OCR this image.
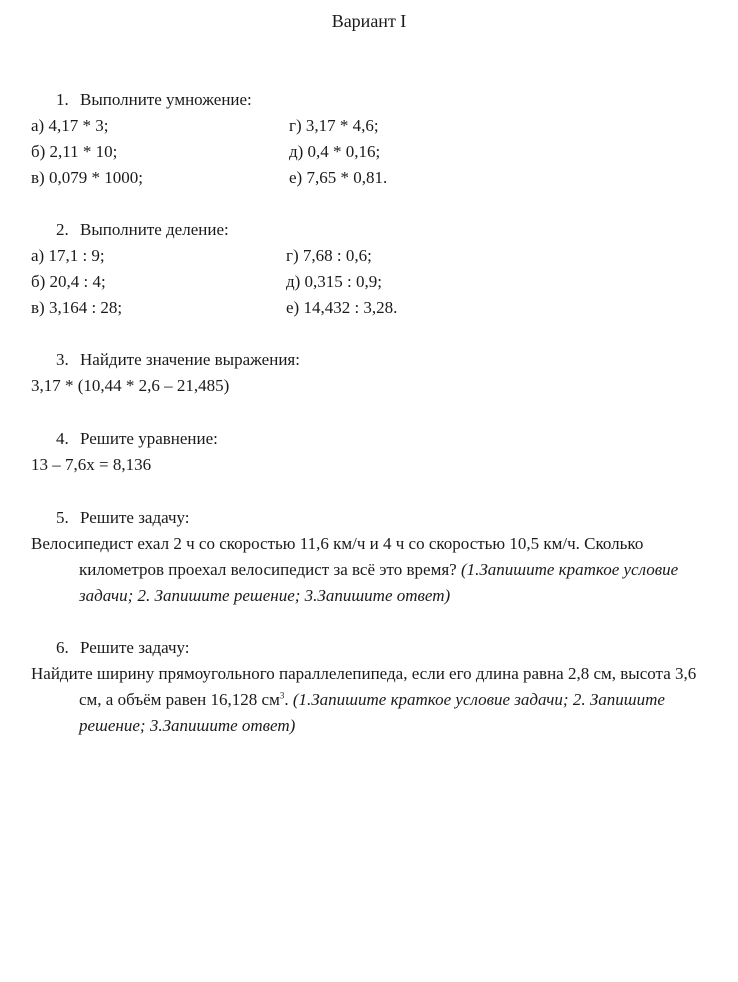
Вариант I
1. Выполните умножение:
а) 4,17 * 3;	г) 3,17 * 4,6;
б) 2,11 * 10;	д) 0,4 * 0,16;
в) 0,079 * 1000;	е) 7,65 * 0,81.
2. Выполните деление:
а) 17,1 : 9;	г) 7,68 : 0,6;
б) 20,4 : 4;	д) 0,315 : 0,9;
в) 3,164 : 28;	е) 14,432 : 3,28.
3. Найдите значение выражения:
3,17 * (10,44 * 2,6 – 21,485)
4. Решите уравнение:
13 – 7,6х = 8,136
5. Решите задачу:
Велосипедист ехал 2 ч со скоростью 11,6 км/ч и 4 ч со скоростью 10,5 км/ч. Сколько километров проехал велосипедист за всё это время? (1.Запишите краткое условие задачи; 2. Запишите решение; 3.Запишите ответ)
6. Решите задачу:
Найдите ширину прямоугольного параллелепипеда, если его длина равна 2,8 см, высота 3,6 см, а объём равен 16,128 $см^3$. (1.Запишите краткое условие задачи; 2. Запишите решение; 3.Запишите ответ)
